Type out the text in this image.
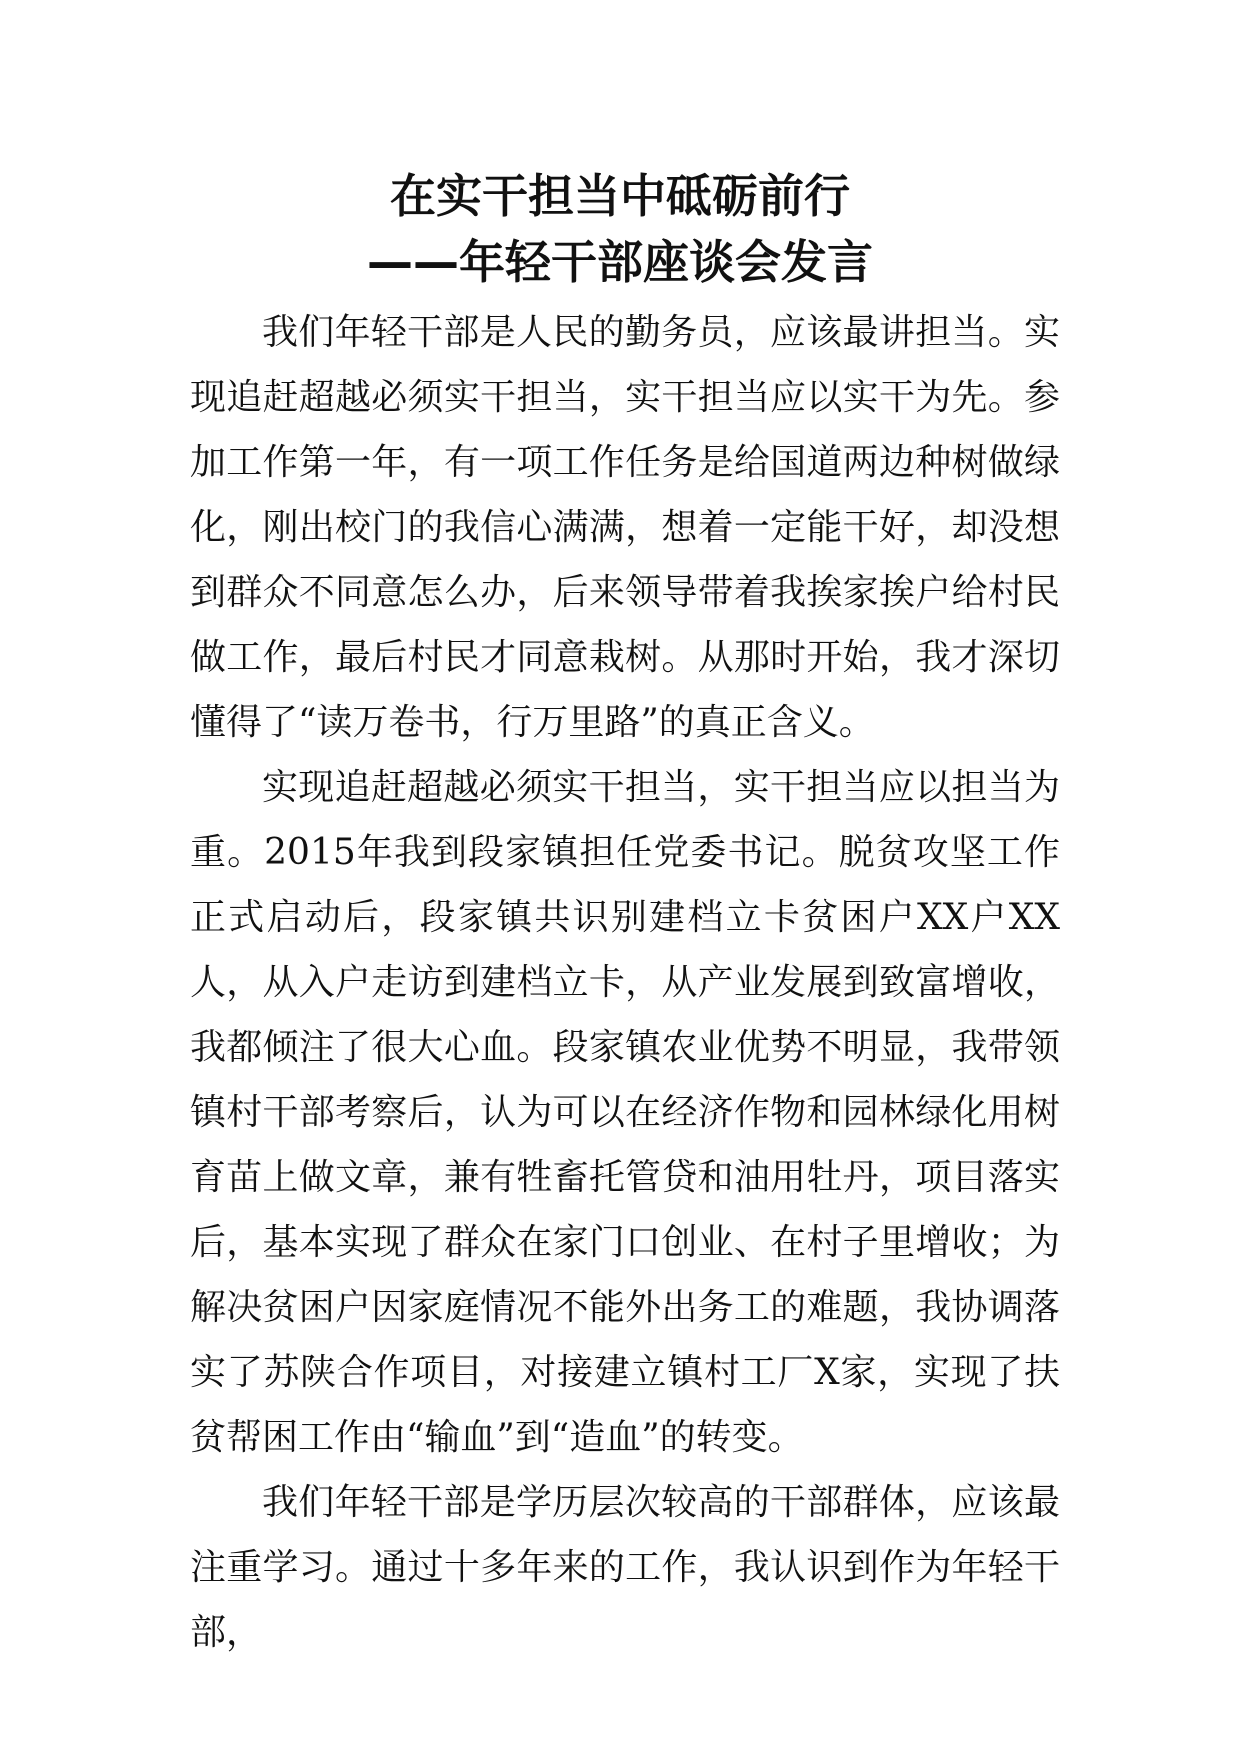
在实干担当中砥砺前行
——年轻干部座谈会发言

我们年轻干部是人民的勤务员，应该最讲担当。实现追赶超越必须实干担当，实干担当应以实干为先。参加工作第一年，有一项工作任务是给国道两边种树做绿化，刚出校门的我信心满满，想着一定能干好，却没想到群众不同意怎么办，后来领导带着我挨家挨户给村民做工作，最后村民才同意栽树。从那时开始，我才深切懂得了“读万卷书，行万里路”的真正含义。

实现追赶超越必须实干担当，实干担当应以担当为重。2015年我到段家镇担任党委书记。脱贫攻坚工作正式启动后，段家镇共识别建档立卡贫困户XX户XX人，从入户走访到建档立卡，从产业发展到致富增收，我都倾注了很大心血。段家镇农业优势不明显，我带领镇村干部考察后，认为可以在经济作物和园林绿化用树育苗上做文章，兼有牲畜托管贷和油用牡丹，项目落实后，基本实现了群众在家门口创业、在村子里增收；为解决贫困户因家庭情况不能外出务工的难题，我协调落实了苏陕合作项目，对接建立镇村工厂X家，实现了扶贫帮困工作由“输血”到“造血”的转变。

我们年轻干部是学历层次较高的干部群体，应该最注重学习。通过十多年来的工作，我认识到作为年轻干部，
